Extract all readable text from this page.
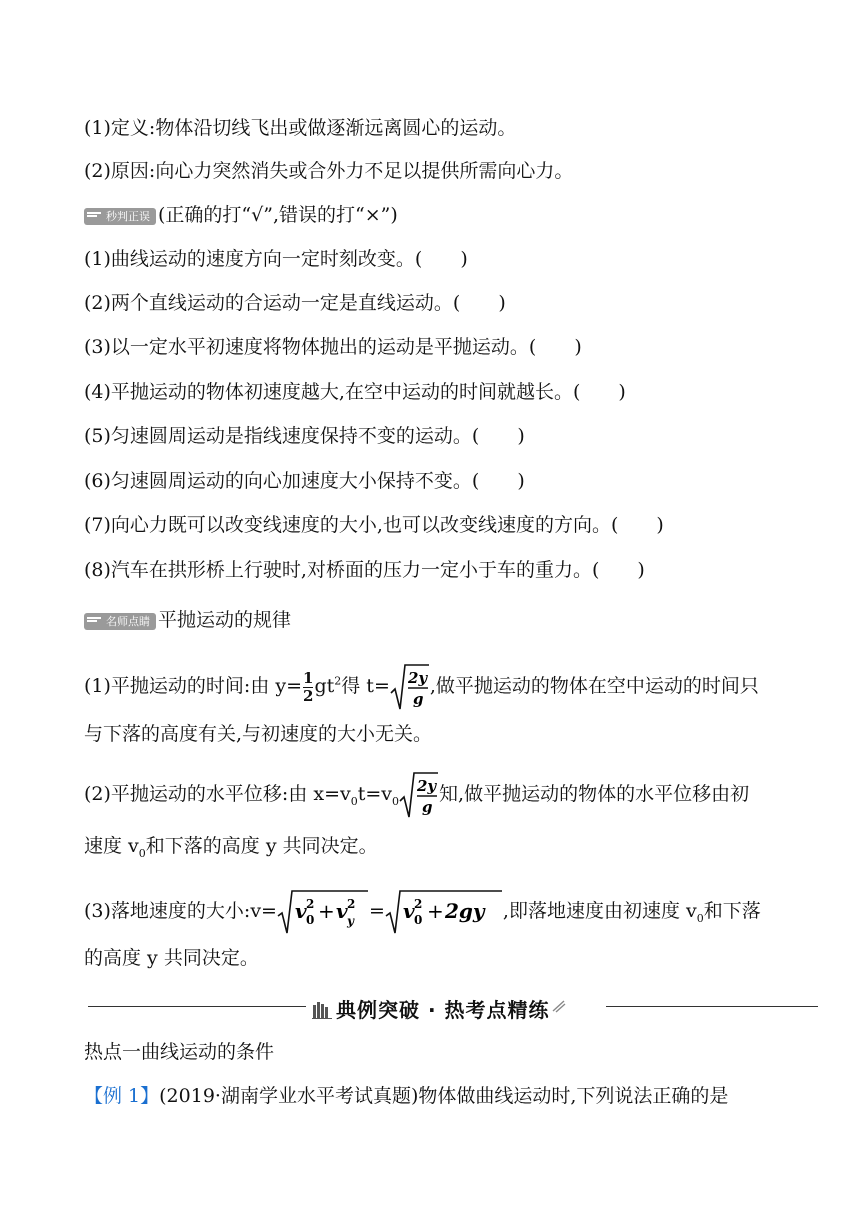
(1)定义:物体沿切线飞出或做逐渐远离圆心的运动。
(2)原因:向心力突然消失或合外力不足以提供所需向心力。
秒判正误 (正确的打“√”,错误的打“×”)
(1)曲线运动的速度方向一定时刻改变。(　　)
(2)两个直线运动的合运动一定是直线运动。(　　)
(3)以一定水平初速度将物体抛出的运动是平抛运动。(　　)
(4)平抛运动的物体初速度越大,在空中运动的时间就越长。(　　)
(5)匀速圆周运动是指线速度保持不变的运动。(　　)
(6)匀速圆周运动的向心加速度大小保持不变。(　　)
(7)向心力既可以改变线速度的大小,也可以改变线速度的方向。(　　)
(8)汽车在拱形桥上行驶时,对桥面的压力一定小于车的重力。(　　)
名师点睛 平抛运动的规律
(1)平抛运动的时间:由 $y= \frac{1}{2} gt^2$得 t= 2y
g
,做平抛运动的物体在空中运动的时间只
与下落的高度有关,与初速度的大小无关。
(2)平抛运动的水平位移:由 $x=v_0t=v_0$
2y
g
知,做平抛运动的物体的水平位移由初
速度 $v_0$和下落的高度 y 共同决定。
(3)落地速度的大小:v= v 2
0 + v 2
y = v 2
0 + 2gy ,即落地速度由初速度 $v_0$和下落
的高度 y 共同决定。
典例突破 · 热考点精练
热点一曲线运动的条件
【例 1】(2019·湖南学业水平考试真题)物体做曲线运动时,下列说法正确的是
